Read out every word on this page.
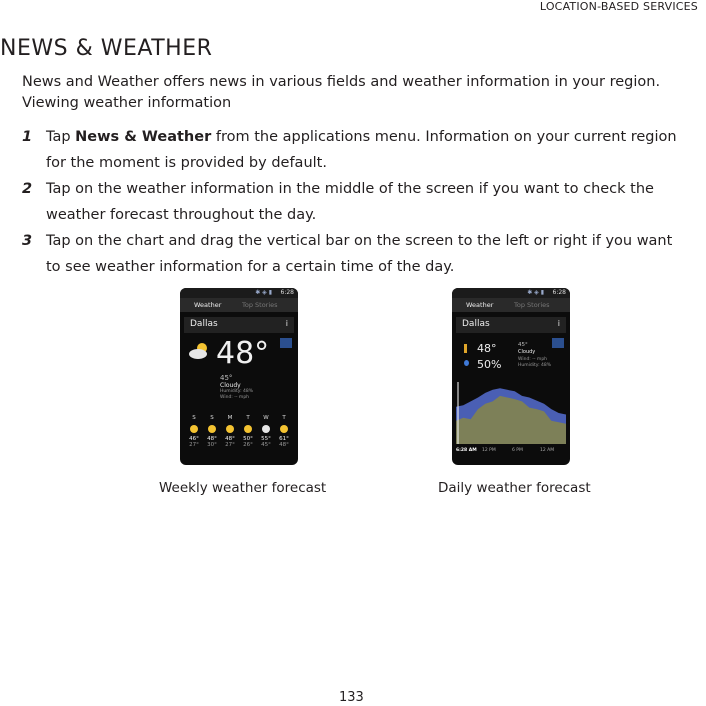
LOCATION-BASED SERVICES
NEWS & WEATHER
News and Weather offers news in various fields and weather information in your region.
Viewing weather information
1 Tap News & Weather from the applications menu. Information on your current region for the moment is provided by default.
2 Tap on the weather information in the middle of the screen if you want to check the weather forecast throughout the day.
3 Tap on the chart and drag the vertical bar on the screen to the left or right if you want to see weather information for a certain time of the day.
✱ ◈ ▮ 6:28
Weather	Top Stories
Dallas	i
48°
45°
Cloudy
Humidity: 48%
Wind: -- mph
S
46°
27°
S
48°
30°
M
48°
27°
T
50°
26°
W
55°
45°
T
61°
48°
✱ ◈ ▮ 6:28
Weather	Top Stories
Dallas	i
48°
50%
45°
Cloudy
Wind: -- mph
Humidity: 48%
6:28 AM 12 PM	6 PM	12 AM
Weekly weather forecast	Daily weather forecast
133
